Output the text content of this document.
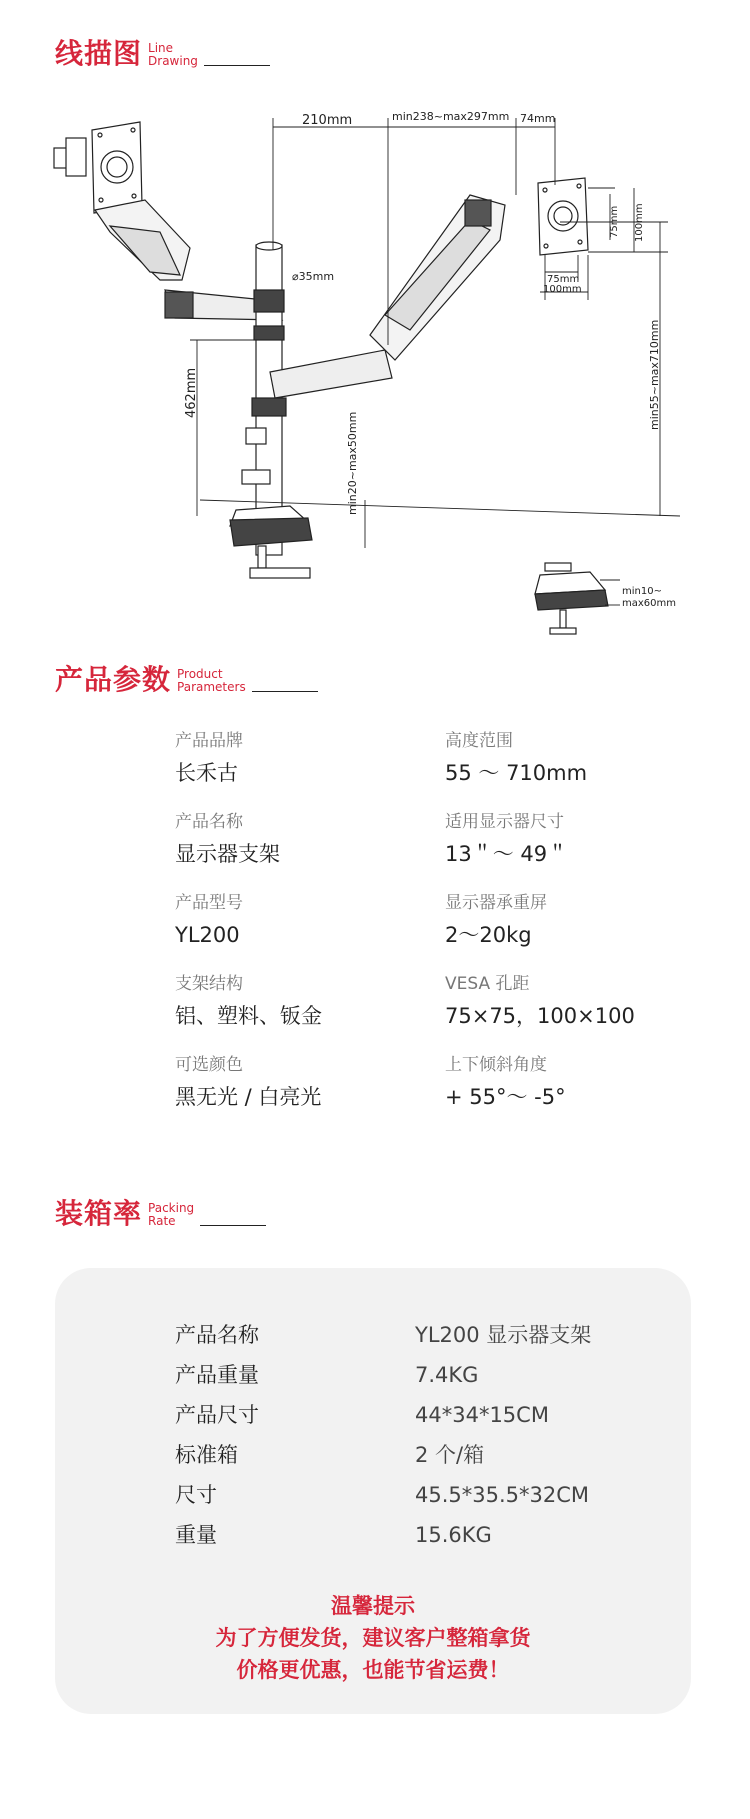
线描图 Line
Drawing
210mm	min238~max297mm 74mm
⌀35mm
462mm
min20~max50mm
min55~max710mm
75mm 100mm
75mm
100mm
min10~
max60mm
产品参数 Product
Parameters
产品品牌
长禾古
高度范围
55 ～ 710mm
产品名称
显示器支架
适用显示器尺寸
13＂～ 49＂
产品型号
YL200
显示器承重屏
2～20kg
支架结构
铝、塑料、钣金
VESA 孔距
75×75，100×100
可选颜色
黑无光 / 白亮光
上下倾斜角度
+ 55°～ -5°
装箱率 Packing
Rate
产品名称	YL200 显示器支架
产品重量	7.4KG
产品尺寸	44*34*15CM
标准箱	2 个/箱
尺寸	45.5*35.5*32CM
重量	15.6KG
温馨提示
为了方便发货，建议客户整箱拿货
价格更优惠，也能节省运费！
